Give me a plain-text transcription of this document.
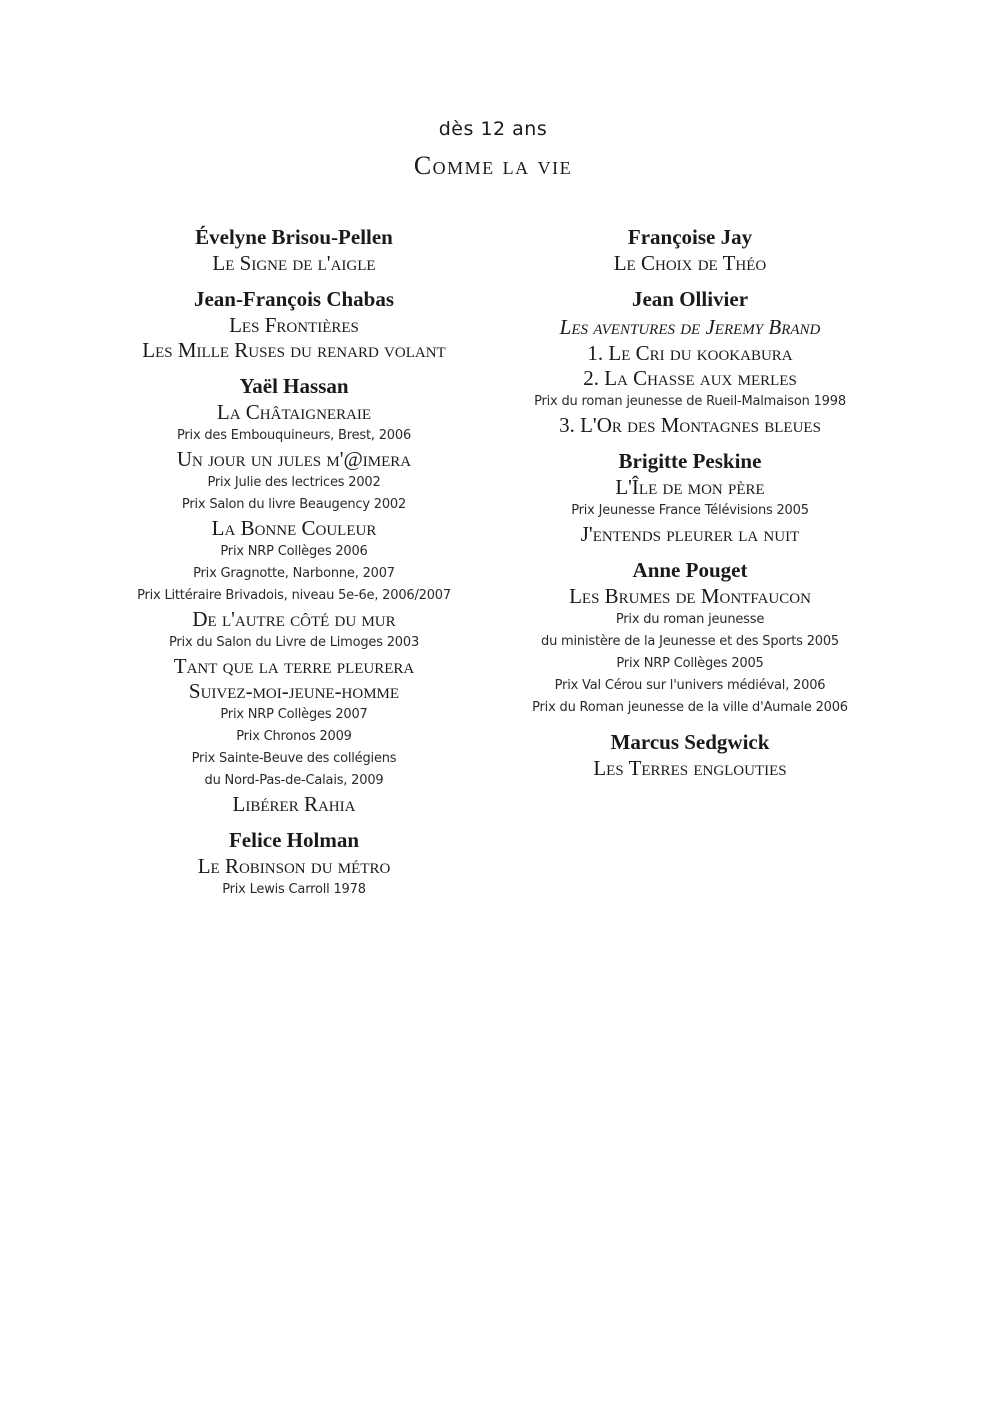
dès 12 ans
Comme la vie

Évelyne Brisou-Pellen

Le Signe de l'aigle

Jean-François Chabas

Les Frontières

Les Mille Ruses du renard volant

Yaël Hassan

La Châtaigneraie

Prix des Embouquineurs, Brest, 2006

Un jour un jules m'@imera

Prix Julie des lectrices 2002

Prix Salon du livre Beaugency 2002

La Bonne Couleur

Prix NRP Collèges 2006

Prix Gragnotte, Narbonne, 2007

Prix Littéraire Brivadois, niveau 5e-6e, 2006/2007

De l'autre côté du mur

Prix du Salon du Livre de Limoges 2003

Tant que la terre pleurera

Suivez-moi-jeune-homme

Prix NRP Collèges 2007

Prix Chronos 2009

Prix Sainte-Beuve des collégiens

du Nord-Pas-de-Calais, 2009

Libérer Rahia

Felice Holman

Le Robinson du métro

Prix Lewis Carroll 1978

Françoise Jay

Le Choix de Théo

Jean Ollivier

Les aventures de Jeremy Brand

1. Le Cri du kookabura

2. La Chasse aux merles

Prix du roman jeunesse de Rueil-Malmaison 1998

3. L'Or des Montagnes bleues

Brigitte Peskine

L'Île de mon père

Prix Jeunesse France Télévisions 2005

J'entends pleurer la nuit

Anne Pouget

Les Brumes de Montfaucon

Prix du roman jeunesse

du ministère de la Jeunesse et des Sports 2005

Prix NRP Collèges 2005

Prix Val Cérou sur l'univers médiéval, 2006

Prix du Roman jeunesse de la ville d'Aumale 2006

Marcus Sedgwick

Les Terres englouties
